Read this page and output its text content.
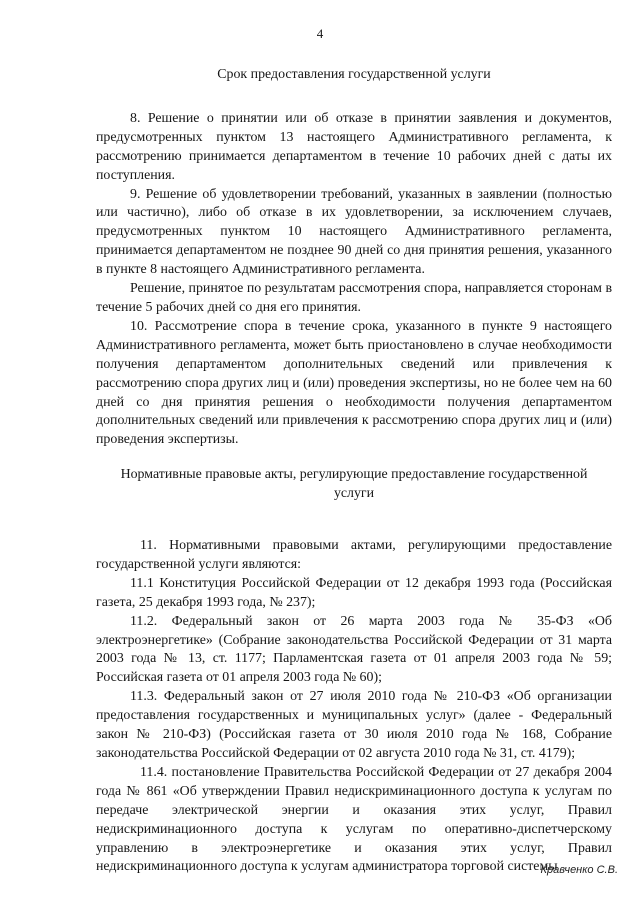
4
Срок предоставления государственной услуги

8. Решение о принятии или об отказе в принятии заявления и документов, предусмотренных пунктом 13 настоящего Административного регламента, к рассмотрению принимается департаментом в течение 10 рабочих дней с даты их поступления.

9. Решение об удовлетворении требований, указанных в заявлении (полностью или частично), либо об отказе в их удовлетворении, за исключением случаев, предусмотренных пунктом 10 настоящего Административного регламента, принимается департаментом не позднее 90 дней со дня принятия решения, указанного в пункте 8 настоящего Административного регламента.

Решение, принятое по результатам рассмотрения спора, направляется сторонам в течение 5 рабочих дней со дня его принятия.

10. Рассмотрение спора в течение срока, указанного в пункте 9 настоящего Административного регламента, может быть приостановлено в случае необходимости получения департаментом дополнительных сведений или привлечения к рассмотрению спора других лиц и (или) проведения экспертизы, но не более чем на 60 дней со дня принятия решения о необходимости получения департаментом дополнительных сведений или привлечения к рассмотрению спора других лиц и (или) проведения экспертизы.

Нормативные правовые акты, регулирующие предоставление государственной услуги

11. Нормативными правовыми актами, регулирующими предоставление государственной услуги являются:

11.1 Конституция Российской Федерации от 12 декабря 1993 года (Российская газета, 25 декабря 1993 года, № 237);

11.2. Федеральный закон от 26 марта 2003 года № 35-ФЗ «Об электроэнергетике» (Собрание законодательства Российской Федерации от 31 марта 2003 года № 13, ст. 1177; Парламентская газета от 01 апреля 2003 года № 59; Российская газета от 01 апреля 2003 года № 60);

11.3. Федеральный закон от 27 июля 2010 года № 210-ФЗ «Об организации предоставления государственных и муниципальных услуг» (далее - Федеральный закон № 210-ФЗ) (Российская газета от 30 июля 2010 года № 168, Собрание законодательства Российской Федерации от 02 августа 2010 года № 31, ст. 4179);

11.4. постановление Правительства Российской Федерации от 27 декабря 2004 года № 861 «Об утверждении Правил недискриминационного доступа к услугам по передаче электрической энергии и оказания этих услуг, Правил недискриминационного доступа к услугам по оперативно-диспетчерскому управлению в электроэнергетике и оказания этих услуг, Правил недискриминационного доступа к услугам администратора торговой системы

Кравченко С.В.
